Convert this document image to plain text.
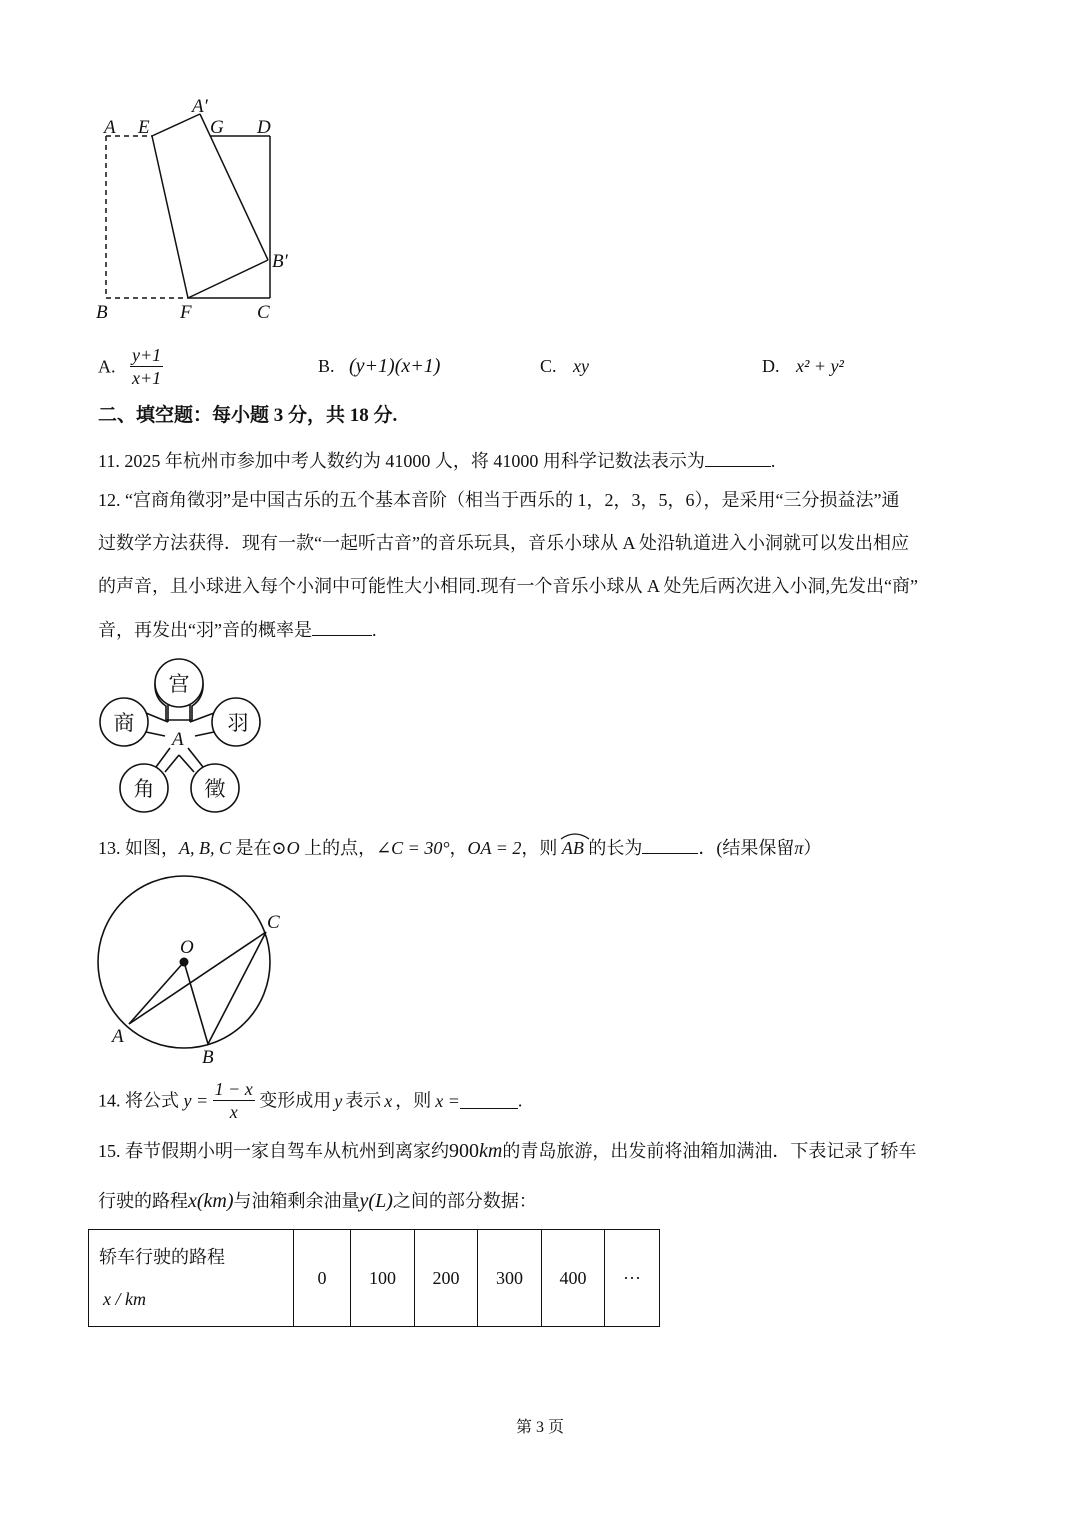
A E
A′
G D
B′
B	F	C
A. $\frac{y+1}{x+1}$	B. (y+1)(x+1)	C. xy	D. x² + y²
二、填空题：每小题 3 分，共 18 分.
11. 2025 年杭州市参加中考人数约为 41000 人，将 41000 用科学记数法表示为	.
12. “宫商角徵羽”是中国古乐的五个基本音阶（相当于西乐的 1，2，3，5，6），是采用“三分损益法”通
过数学方法获得．现有一款“一起听古音”的音乐玩具，音乐小球从 A 处沿轨道进入小洞就可以发出相应
的声音，且小球进入每个小洞中可能性大小相同.现有一个音乐小球从 A 处先后两次进入小洞,先发出“商”
音，再发出“羽”音的概率是	.
宫
商	羽
角 徵
A
13. 如图，A, B, C 是在⊙O 上的点，∠C = 30°，OA = 2，则
AB 的长为	．(结果保留π）
O
A
B
C
14. 将公式 $y = \frac{1 - x}{x}$ 变形成用 y 表示 x ，则 x =	.
15. 春节假期小明一家自驾车从杭州到离家约900km的青岛旅游，出发前将油箱加满油．下表记录了轿车
行驶的路程x(km)与油箱剩余油量y(L)之间的部分数据：
轿车行驶的路程
x / km
	0	100	200	300	400	···
第 3 页
